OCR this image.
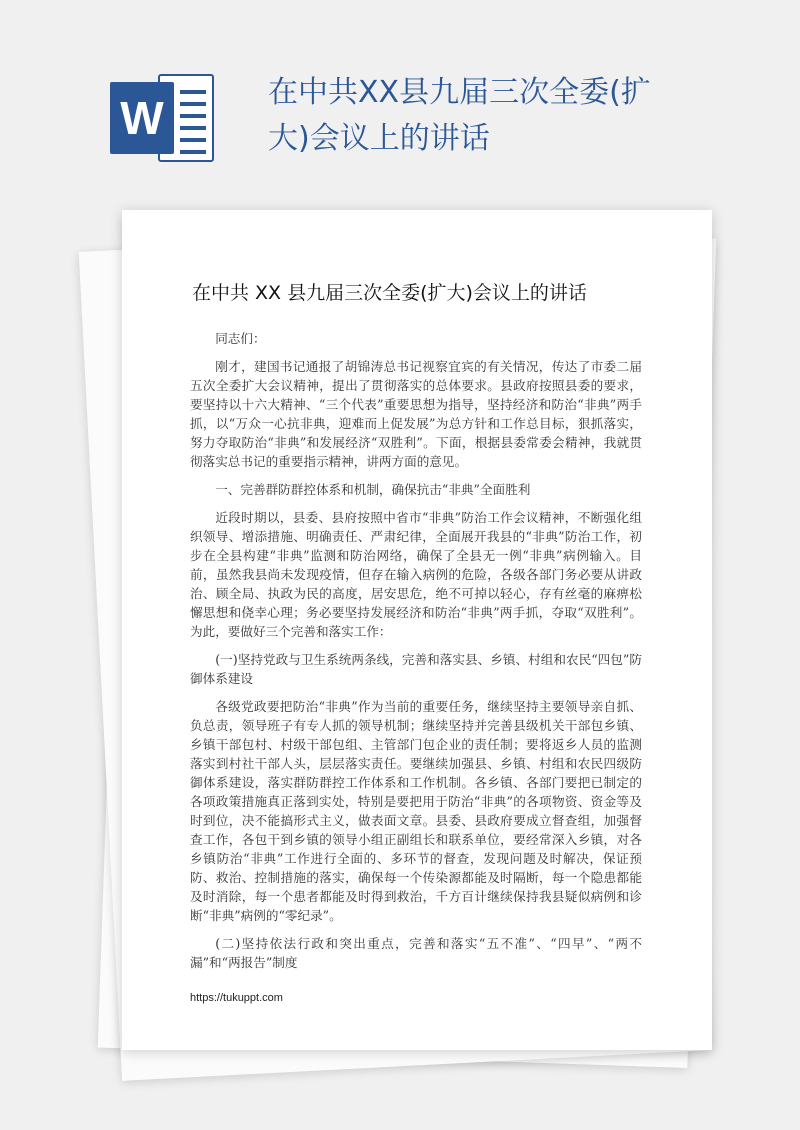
W	在中共XX县九届三次全委(扩大)会议上的讲话
在中共 XX 县九届三次全委(扩大)会议上的讲话

同志们：

刚才，建国书记通报了胡锦涛总书记视察宜宾的有关情况，传达了市委二届五次全委扩大会议精神，提出了贯彻落实的总体要求。县政府按照县委的要求，要坚持以十六大精神、“三个代表”重要思想为指导，坚持经济和防治“非典”两手抓，以“万众一心抗非典，迎难而上促发展”为总方针和工作总目标，狠抓落实，努力夺取防治“非典”和发展经济“双胜利”。下面，根据县委常委会精神，我就贯彻落实总书记的重要指示精神，讲两方面的意见。

一、完善群防群控体系和机制，确保抗击“非典”全面胜利

近段时期以，县委、县府按照中省市“非典”防治工作会议精神，不断强化组织领导、增添措施、明确责任、严肃纪律，全面展开我县的“非典”防治工作，初步在全县构建“非典”监测和防治网络，确保了全县无一例“非典”病例输入。目前，虽然我县尚未发现疫情，但存在输入病例的危险，各级各部门务必要从讲政治、顾全局、执政为民的高度，居安思危，绝不可掉以轻心，存有丝毫的麻痹松懈思想和侥幸心理；务必要坚持发展经济和防治“非典”两手抓，夺取“双胜利”。为此，要做好三个完善和落实工作：

(一)坚持党政与卫生系统两条线，完善和落实县、乡镇、村组和农民“四包”防御体系建设

各级党政要把防治“非典”作为当前的重要任务，继续坚持主要领导亲自抓、负总责，领导班子有专人抓的领导机制；继续坚持并完善县级机关干部包乡镇、乡镇干部包村、村级干部包组、主管部门包企业的责任制；要将返乡人员的监测落实到村社干部人头，层层落实责任。要继续加强县、乡镇、村组和农民四级防御体系建设，落实群防群控工作体系和工作机制。各乡镇、各部门要把已制定的各项政策措施真正落到实处，特别是要把用于防治“非典”的各项物资、资金等及时到位，决不能搞形式主义，做表面文章。县委、县政府要成立督查组，加强督查工作，各包干到乡镇的领导小组正副组长和联系单位，要经常深入乡镇，对各乡镇防治“非典”工作进行全面的、多环节的督查，发现问题及时解决，保证预防、救治、控制措施的落实，确保每一个传染源都能及时隔断，每一个隐患都能及时消除，每一个患者都能及时得到救治，千方百计继续保持我县疑似病例和诊断“非典”病例的“零纪录”。

(二)坚持依法行政和突出重点，完善和落实“五不准”、“四早”、“两不漏”和“两报告”制度

https://tukuppt.com
